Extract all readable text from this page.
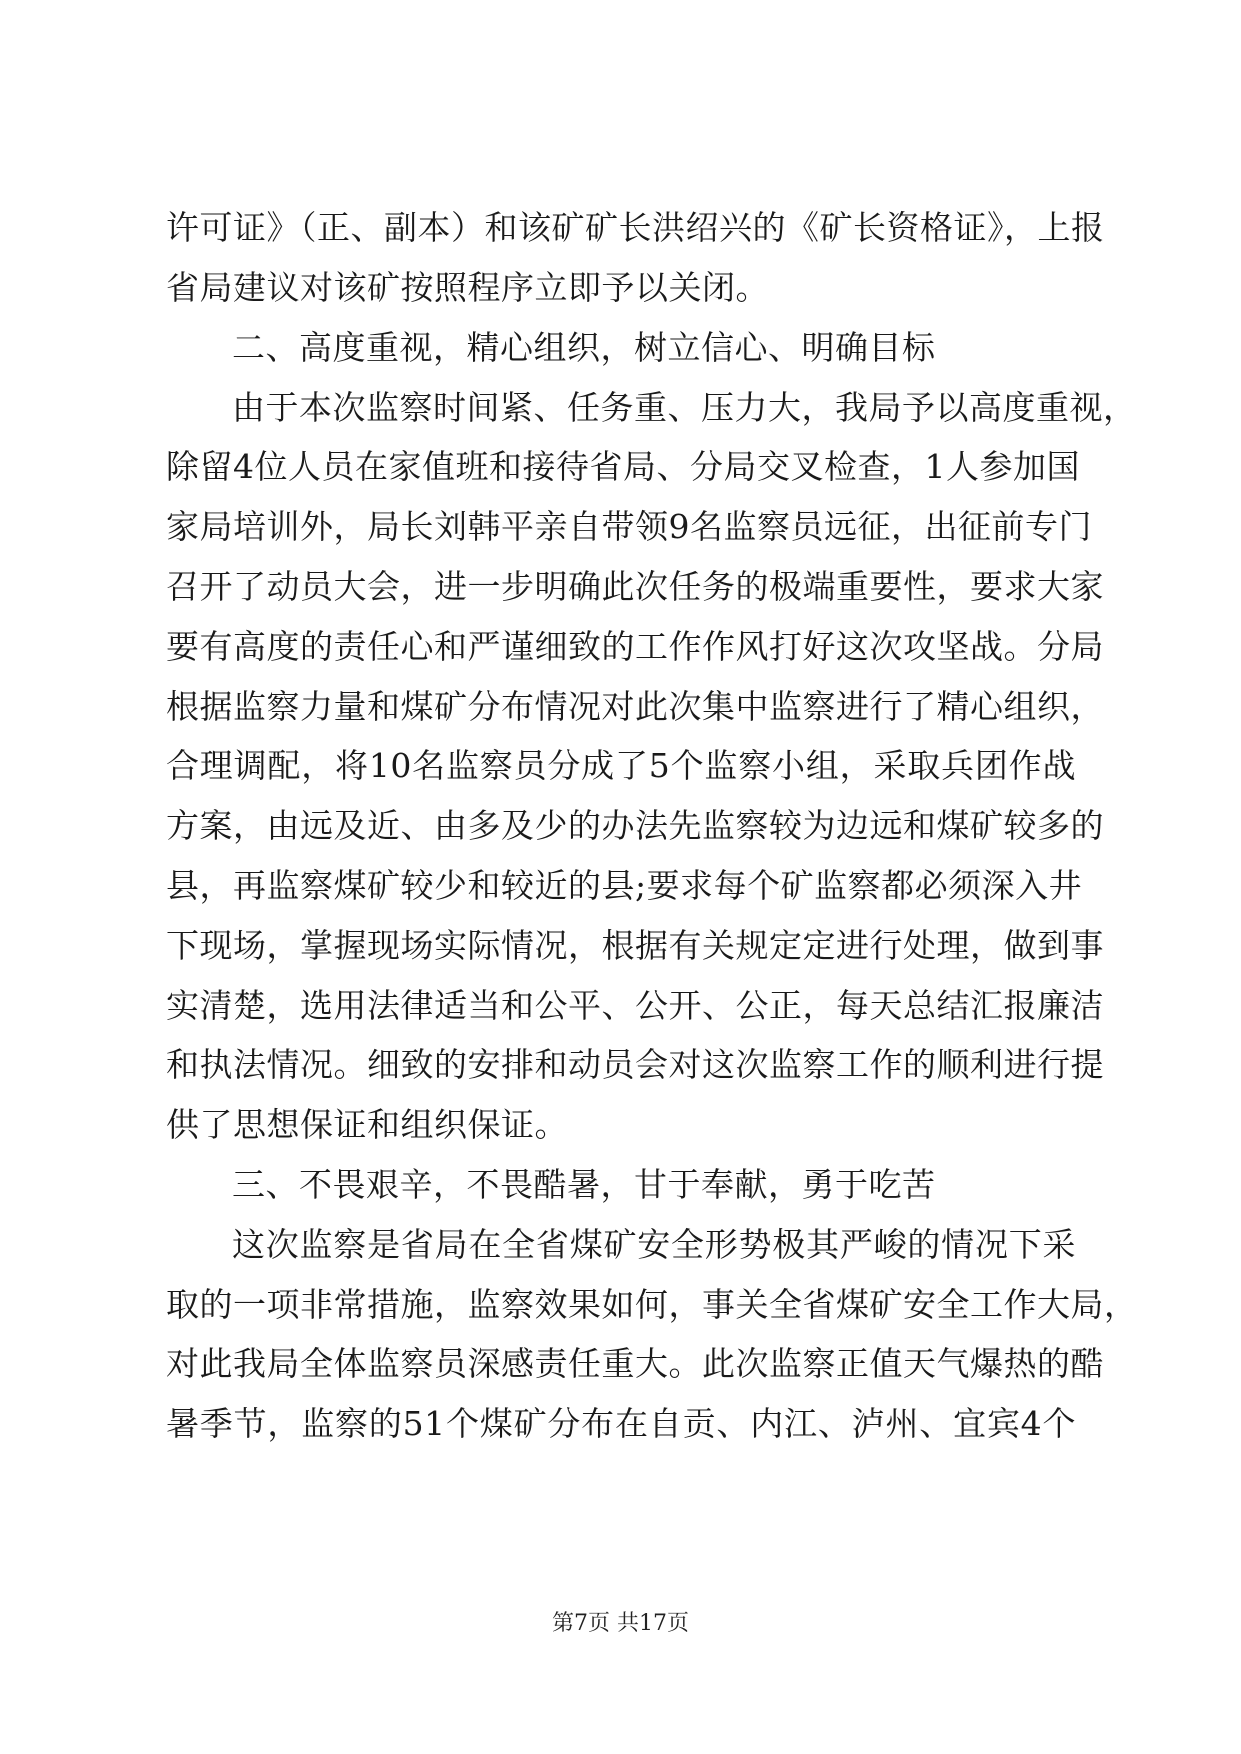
许可证》（正、副本）和该矿矿长洪绍兴的《矿长资格证》，上报
省局建议对该矿按照程序立即予以关闭。
二、高度重视，精心组织，树立信心、明确目标
由于本次监察时间紧、任务重、压力大，我局予以高度重视，
除留4位人员在家值班和接待省局、分局交叉检查，1人参加国
家局培训外，局长刘韩平亲自带领9名监察员远征，出征前专门
召开了动员大会，进一步明确此次任务的极端重要性，要求大家
要有高度的责任心和严谨细致的工作作风打好这次攻坚战。分局
根据监察力量和煤矿分布情况对此次集中监察进行了精心组织，
合理调配，将10名监察员分成了5个监察小组，采取兵团作战
方案，由远及近、由多及少的办法先监察较为边远和煤矿较多的
县，再监察煤矿较少和较近的县;要求每个矿监察都必须深入井
下现场，掌握现场实际情况，根据有关规定定进行处理，做到事
实清楚，选用法律适当和公平、公开、公正，每天总结汇报廉洁
和执法情况。细致的安排和动员会对这次监察工作的顺利进行提
供了思想保证和组织保证。
三、不畏艰辛，不畏酷暑，甘于奉献，勇于吃苦
这次监察是省局在全省煤矿安全形势极其严峻的情况下采
取的一项非常措施，监察效果如何，事关全省煤矿安全工作大局，
对此我局全体监察员深感责任重大。此次监察正值天气爆热的酷
暑季节，监察的51个煤矿分布在自贡、内江、泸州、宜宾4个
第7页 共17页
